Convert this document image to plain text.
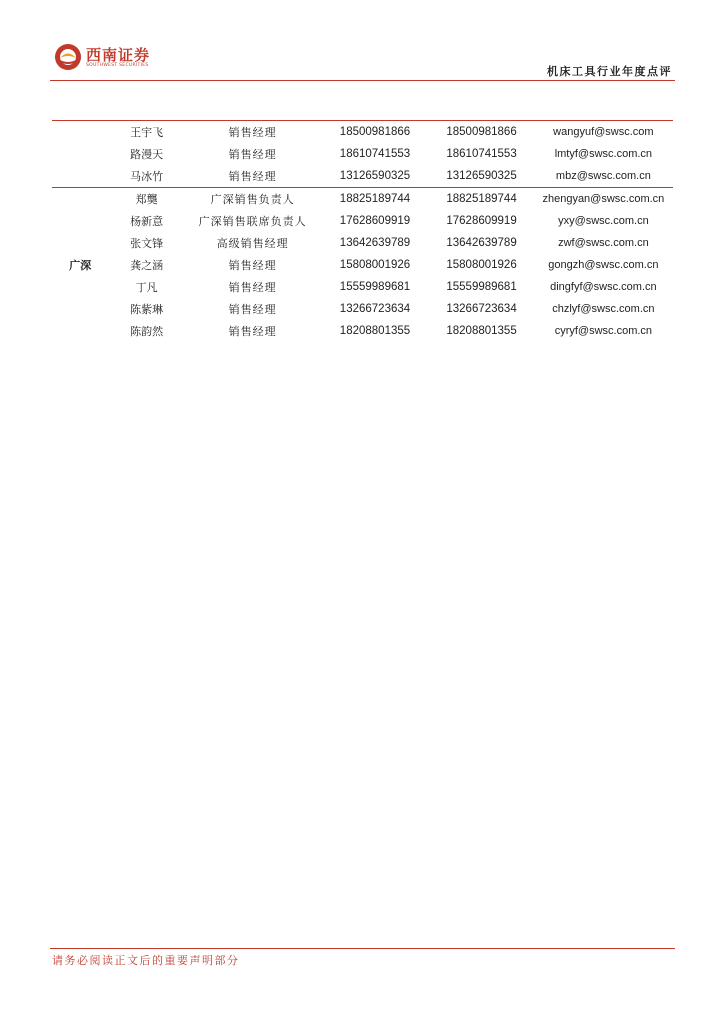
西南证券
SOUTHWEST SECURITIES	机床工具行业年度点评
	王宇飞	销售经理	18500981866	18500981866	wangyuf@swsc.com
	路漫天	销售经理	18610741553	18610741553	lmtyf@swsc.com.cn
	马冰竹	销售经理	13126590325	13126590325	mbz@swsc.com.cn
广深	郑龑	广深销售负责人	18825189744	18825189744	zhengyan@swsc.com.cn
	杨新意	广深销售联席负责人	17628609919	17628609919	yxy@swsc.com.cn
	张文锋	高级销售经理	13642639789	13642639789	zwf@swsc.com.cn
	龚之涵	销售经理	15808001926	15808001926	gongzh@swsc.com.cn
	丁凡	销售经理	15559989681	15559989681	dingfyf@swsc.com.cn
	陈紫琳	销售经理	13266723634	13266723634	chzlyf@swsc.com.cn
	陈韵然	销售经理	18208801355	18208801355	cyryf@swsc.com.cn
请务必阅读正文后的重要声明部分
